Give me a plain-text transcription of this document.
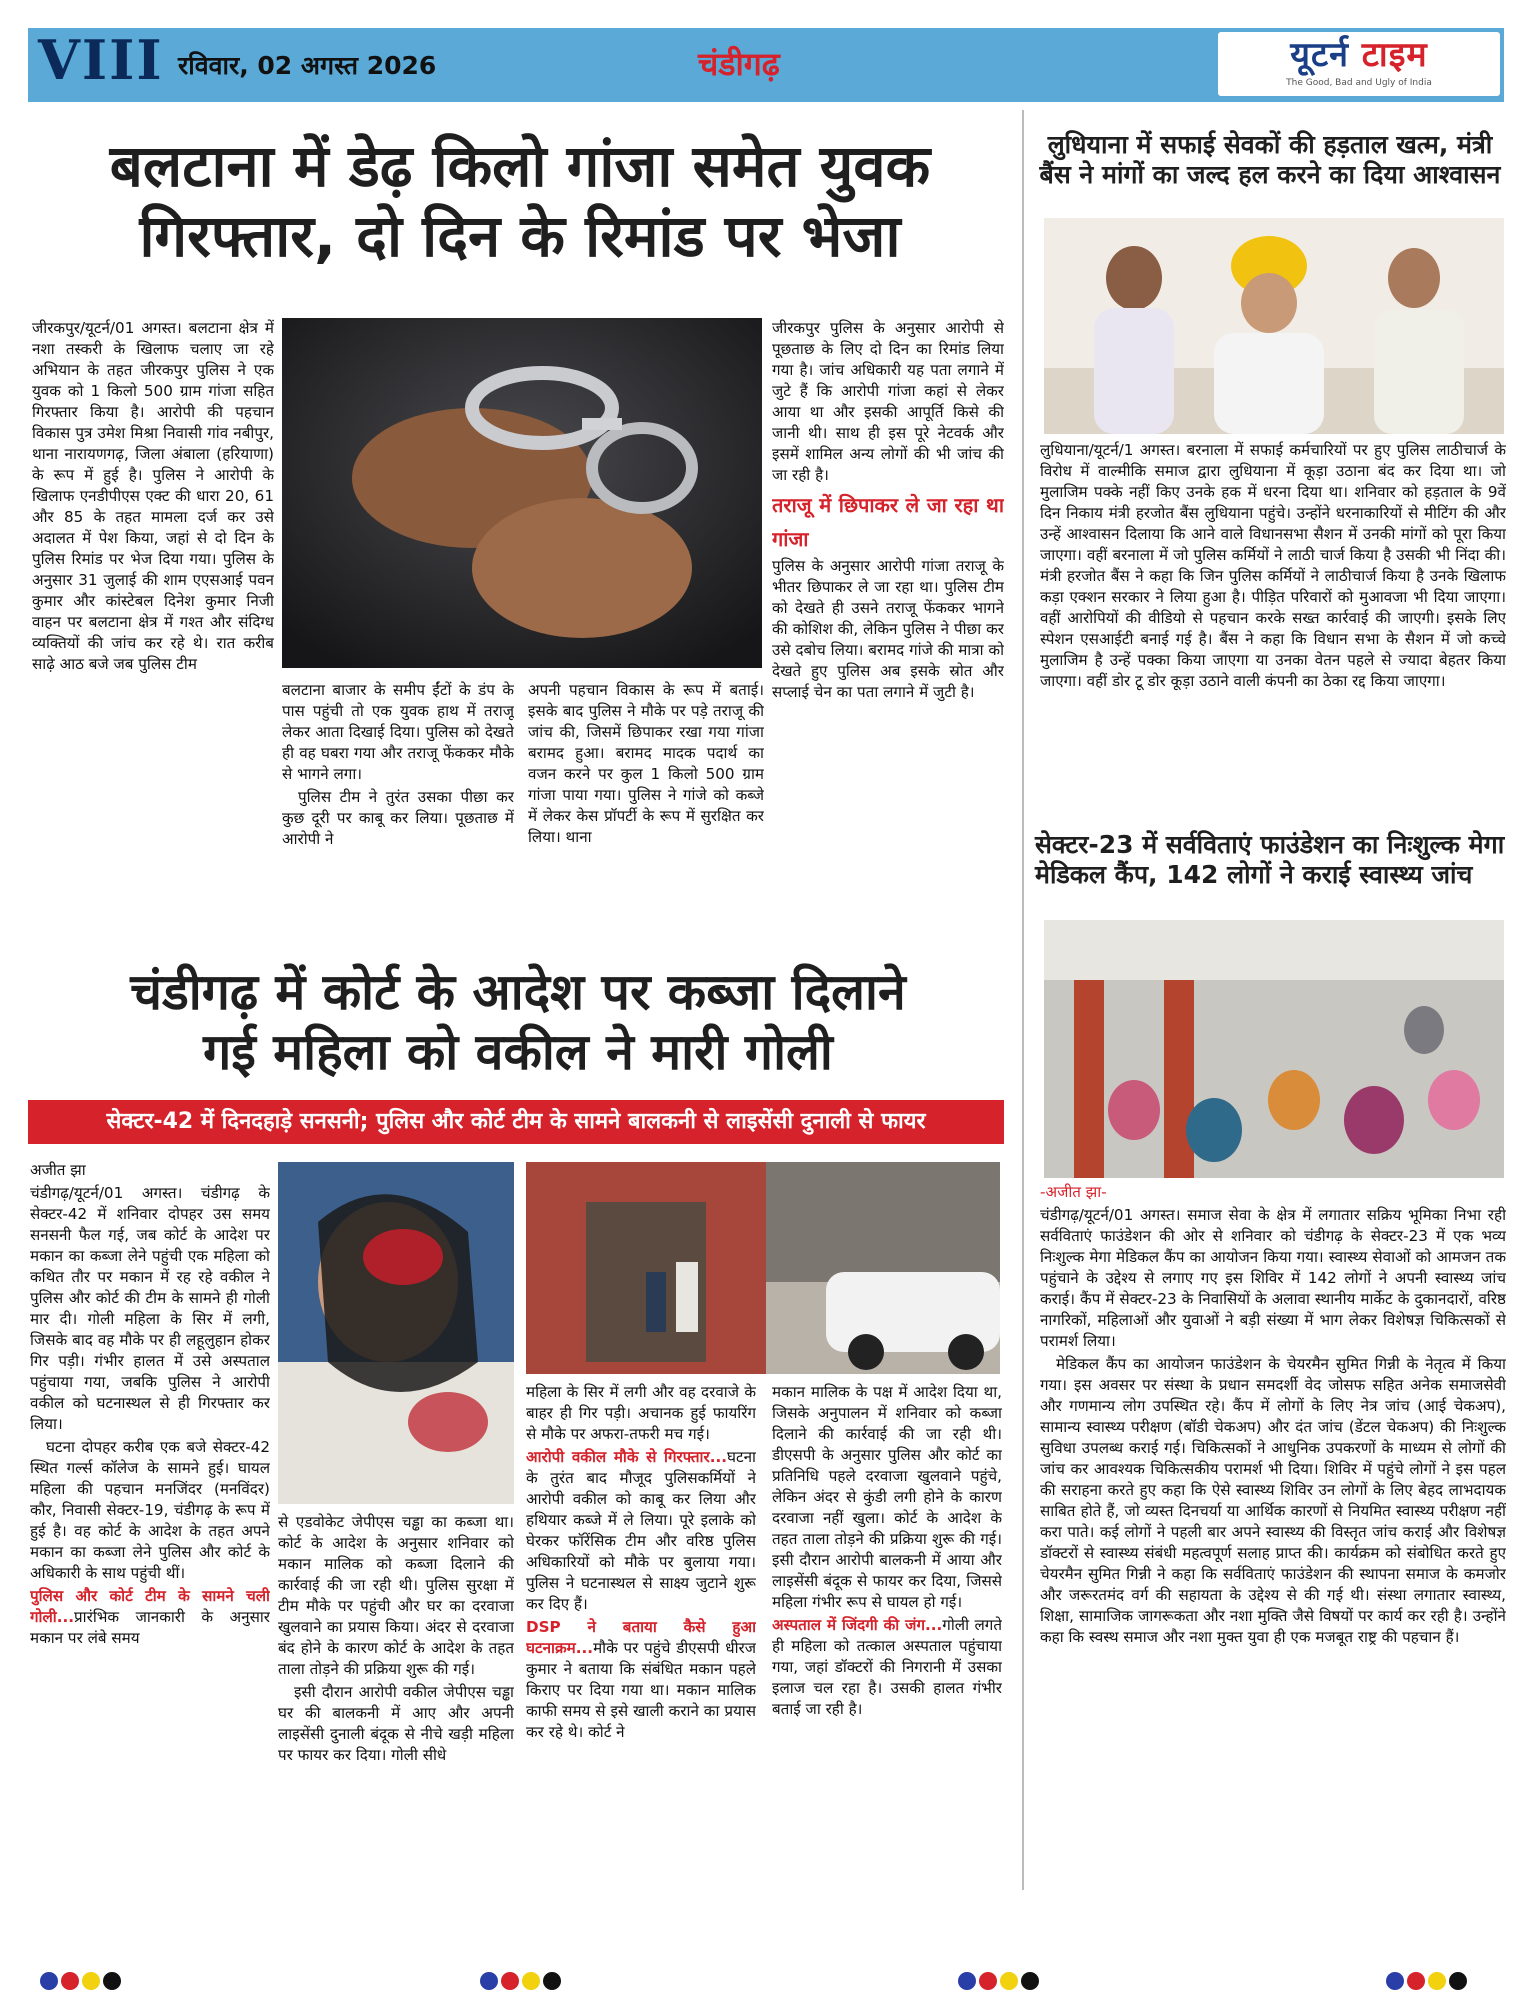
VIII रविवार, 02 अगस्त 2026	चंडीगढ़	यूटर्न टाइम
The Good, Bad and Ugly of India
बलटाना में डेढ़ किलो गांजा समेत युवक
गिरफ्तार, दो दिन के रिमांड पर भेजा

जीरकपुर/यूटर्न/01 अगस्त। बलटाना क्षेत्र में नशा तस्करी के खिलाफ चलाए जा रहे अभियान के तहत जीरकपुर पुलिस ने एक युवक को 1 किलो 500 ग्राम गांजा सहित गिरफ्तार किया है। आरोपी की पहचान विकास पुत्र उमेश मिश्रा निवासी गांव नबीपुर, थाना नारायणगढ़, जिला अंबाला (हरियाणा) के रूप में हुई है। पुलिस ने आरोपी के खिलाफ एनडीपीएस एक्ट की धारा 20, 61 और 85 के तहत मामला दर्ज कर उसे अदालत में पेश किया, जहां से दो दिन के पुलिस रिमांड पर भेज दिया गया। पुलिस के अनुसार 31 जुलाई की शाम एएसआई पवन कुमार और कांस्टेबल दिनेश कुमार निजी वाहन पर बलटाना क्षेत्र में गश्त और संदिग्ध व्यक्तियों की जांच कर रहे थे। रात करीब साढ़े आठ बजे जब पुलिस टीम

बलटाना बाजार के समीप ईंटों के डंप के पास पहुंची तो एक युवक हाथ में तराजू लेकर आता दिखाई दिया। पुलिस को देखते ही वह घबरा गया और तराजू फेंककर मौके से भागने लगा।

पुलिस टीम ने तुरंत उसका पीछा कर कुछ दूरी पर काबू कर लिया। पूछताछ में आरोपी ने

अपनी पहचान विकास के रूप में बताई। इसके बाद पुलिस ने मौके पर पड़े तराजू की जांच की, जिसमें छिपाकर रखा गया गांजा बरामद हुआ। बरामद मादक पदार्थ का वजन करने पर कुल 1 किलो 500 ग्राम गांजा पाया गया। पुलिस ने गांजे को कब्जे में लेकर केस प्रॉपर्टी के रूप में सुरक्षित कर लिया। थाना

जीरकपुर पुलिस के अनुसार आरोपी से पूछताछ के लिए दो दिन का रिमांड लिया गया है। जांच अधिकारी यह पता लगाने में जुटे हैं कि आरोपी गांजा कहां से लेकर आया था और इसकी आपूर्ति किसे की जानी थी। साथ ही इस पूरे नेटवर्क और इसमें शामिल अन्य लोगों की भी जांच की जा रही है।

तराजू में छिपाकर ले जा रहा था गांजा

पुलिस के अनुसार आरोपी गांजा तराजू के भीतर छिपाकर ले जा रहा था। पुलिस टीम को देखते ही उसने तराजू फेंककर भागने की कोशिश की, लेकिन पुलिस ने पीछा कर उसे दबोच लिया। बरामद गांजे की मात्रा को देखते हुए पुलिस अब इसके स्रोत और सप्लाई चेन का पता लगाने में जुटी है।

चंडीगढ़ में कोर्ट के आदेश पर कब्जा दिलाने
गई महिला को वकील ने मारी गोली
सेक्टर-42 में दिनदहाड़े सनसनी; पुलिस और कोर्ट टीम के सामने बालकनी से लाइसेंसी दुनाली से फायर

अजीत झा

चंडीगढ़/यूटर्न/01 अगस्त। चंडीगढ़ के सेक्टर-42 में शनिवार दोपहर उस समय सनसनी फैल गई, जब कोर्ट के आदेश पर मकान का कब्जा लेने पहुंची एक महिला को कथित तौर पर मकान में रह रहे वकील ने पुलिस और कोर्ट की टीम के सामने ही गोली मार दी। गोली महिला के सिर में लगी, जिसके बाद वह मौके पर ही लहूलुहान होकर गिर पड़ी। गंभीर हालत में उसे अस्पताल पहुंचाया गया, जबकि पुलिस ने आरोपी वकील को घटनास्थल से ही गिरफ्तार कर लिया।

घटना दोपहर करीब एक बजे सेक्टर-42 स्थित गर्ल्स कॉलेज के सामने हुई। घायल महिला की पहचान मनजिंदर (मनविंदर) कौर, निवासी सेक्टर-19, चंडीगढ़ के रूप में हुई है। वह कोर्ट के आदेश के तहत अपने मकान का कब्जा लेने पुलिस और कोर्ट के अधिकारी के साथ पहुंची थीं।

पुलिस और कोर्ट टीम के सामने चली गोली...प्रारंभिक जानकारी के अनुसार मकान पर लंबे समय

से एडवोकेट जेपीएस चड्ढा का कब्जा था। कोर्ट के आदेश के अनुसार शनिवार को मकान मालिक को कब्जा दिलाने की कार्रवाई की जा रही थी। पुलिस सुरक्षा में टीम मौके पर पहुंची और घर का दरवाजा खुलवाने का प्रयास किया। अंदर से दरवाजा बंद होने के कारण कोर्ट के आदेश के तहत ताला तोड़ने की प्रक्रिया शुरू की गई।

इसी दौरान आरोपी वकील जेपीएस चड्ढा घर की बालकनी में आए और अपनी लाइसेंसी दुनाली बंदूक से नीचे खड़ी महिला पर फायर कर दिया। गोली सीधे

महिला के सिर में लगी और वह दरवाजे के बाहर ही गिर पड़ी। अचानक हुई फायरिंग से मौके पर अफरा-तफरी मच गई।

आरोपी वकील मौके से गिरफ्तार...घटना के तुरंत बाद मौजूद पुलिसकर्मियों ने आरोपी वकील को काबू कर लिया और हथियार कब्जे में ले लिया। पूरे इलाके को घेरकर फॉरेंसिक टीम और वरिष्ठ पुलिस अधिकारियों को मौके पर बुलाया गया। पुलिस ने घटनास्थल से साक्ष्य जुटाने शुरू कर दिए हैं।

DSP ने बताया कैसे हुआ घटनाक्रम...मौके पर पहुंचे डीएसपी धीरज कुमार ने बताया कि संबंधित मकान पहले किराए पर दिया गया था। मकान मालिक काफी समय से इसे खाली कराने का प्रयास कर रहे थे। कोर्ट ने

मकान मालिक के पक्ष में आदेश दिया था, जिसके अनुपालन में शनिवार को कब्जा दिलाने की कार्रवाई की जा रही थी। डीएसपी के अनुसार पुलिस और कोर्ट का प्रतिनिधि पहले दरवाजा खुलवाने पहुंचे, लेकिन अंदर से कुंडी लगी होने के कारण दरवाजा नहीं खुला। कोर्ट के आदेश के तहत ताला तोड़ने की प्रक्रिया शुरू की गई। इसी दौरान आरोपी बालकनी में आया और लाइसेंसी बंदूक से फायर कर दिया, जिससे महिला गंभीर रूप से घायल हो गई।

अस्पताल में जिंदगी की जंग...गोली लगते ही महिला को तत्काल अस्पताल पहुंचाया गया, जहां डॉक्टरों की निगरानी में उसका इलाज चल रहा है। उसकी हालत गंभीर बताई जा रही है।

लुधियाना में सफाई सेवकों की हड़ताल खत्म, मंत्री बैंस ने मांगों का जल्द हल करने का दिया आश्वासन

लुधियाना/यूटर्न/1 अगस्त। बरनाला में सफाई कर्मचारियों पर हुए पुलिस लाठीचार्ज के विरोध में वाल्मीकि समाज द्वारा लुधियाना में कूड़ा उठाना बंद कर दिया था। जो मुलाजिम पक्के नहीं किए उनके हक में धरना दिया था। शनिवार को हड़ताल के 9वें दिन निकाय मंत्री हरजोत बैंस लुधियाना पहुंचे। उन्होंने धरनाकारियों से मीटिंग की और उन्हें आश्वासन दिलाया कि आने वाले विधानसभा सैशन में उनकी मांगों को पूरा किया जाएगा। वहीं बरनाला में जो पुलिस कर्मियों ने लाठी चार्ज किया है उसकी भी निंदा की। मंत्री हरजोत बैंस ने कहा कि जिन पुलिस कर्मियों ने लाठीचार्ज किया है उनके खिलाफ कड़ा एक्शन सरकार ने लिया हुआ है। पीड़ित परिवारों को मुआवजा भी दिया जाएगा। वहीं आरोपियों की वीडियो से पहचान करके सख्त कार्रवाई की जाएगी। इसके लिए स्पेशन एसआईटी बनाई गई है। बैंस ने कहा कि विधान सभा के सैशन में जो कच्चे मुलाजिम है उन्हें पक्का किया जाएगा या उनका वेतन पहले से ज्यादा बेहतर किया जाएगा। वहीं डोर टू डोर कूड़ा उठाने वाली कंपनी का ठेका रद्द किया जाएगा।

सेक्टर-23 में सर्वविताएं फाउंडेशन का निःशुल्क मेगा मेडिकल कैंप, 142 लोगों ने कराई स्वास्थ्य जांच

-अजीत झा-

चंडीगढ़/यूटर्न/01 अगस्त। समाज सेवा के क्षेत्र में लगातार सक्रिय भूमिका निभा रही सर्वविताएं फाउंडेशन की ओर से शनिवार को चंडीगढ़ के सेक्टर-23 में एक भव्य निःशुल्क मेगा मेडिकल कैंप का आयोजन किया गया। स्वास्थ्य सेवाओं को आमजन तक पहुंचाने के उद्देश्य से लगाए गए इस शिविर में 142 लोगों ने अपनी स्वास्थ्य जांच कराई। कैंप में सेक्टर-23 के निवासियों के अलावा स्थानीय मार्केट के दुकानदारों, वरिष्ठ नागरिकों, महिलाओं और युवाओं ने बड़ी संख्या में भाग लेकर विशेषज्ञ चिकित्सकों से परामर्श लिया।

मेडिकल कैंप का आयोजन फाउंडेशन के चेयरमैन सुमित गिन्नी के नेतृत्व में किया गया। इस अवसर पर संस्था के प्रधान समदर्शी वेद जोसफ सहित अनेक समाजसेवी और गणमान्य लोग उपस्थित रहे। कैंप में लोगों के लिए नेत्र जांच (आई चेकअप), सामान्य स्वास्थ्य परीक्षण (बॉडी चेकअप) और दंत जांच (डेंटल चेकअप) की निःशुल्क सुविधा उपलब्ध कराई गई। चिकित्सकों ने आधुनिक उपकरणों के माध्यम से लोगों की जांच कर आवश्यक चिकित्सकीय परामर्श भी दिया। शिविर में पहुंचे लोगों ने इस पहल की सराहना करते हुए कहा कि ऐसे स्वास्थ्य शिविर उन लोगों के लिए बेहद लाभदायक साबित होते हैं, जो व्यस्त दिनचर्या या आर्थिक कारणों से नियमित स्वास्थ्य परीक्षण नहीं करा पाते। कई लोगों ने पहली बार अपने स्वास्थ्य की विस्तृत जांच कराई और विशेषज्ञ डॉक्टरों से स्वास्थ्य संबंधी महत्वपूर्ण सलाह प्राप्त की। कार्यक्रम को संबोधित करते हुए चेयरमैन सुमित गिन्नी ने कहा कि सर्वविताएं फाउंडेशन की स्थापना समाज के कमजोर और जरूरतमंद वर्ग की सहायता के उद्देश्य से की गई थी। संस्था लगातार स्वास्थ्य, शिक्षा, सामाजिक जागरूकता और नशा मुक्ति जैसे विषयों पर कार्य कर रही है। उन्होंने कहा कि स्वस्थ समाज और नशा मुक्त युवा ही एक मजबूत राष्ट्र की पहचान हैं।
